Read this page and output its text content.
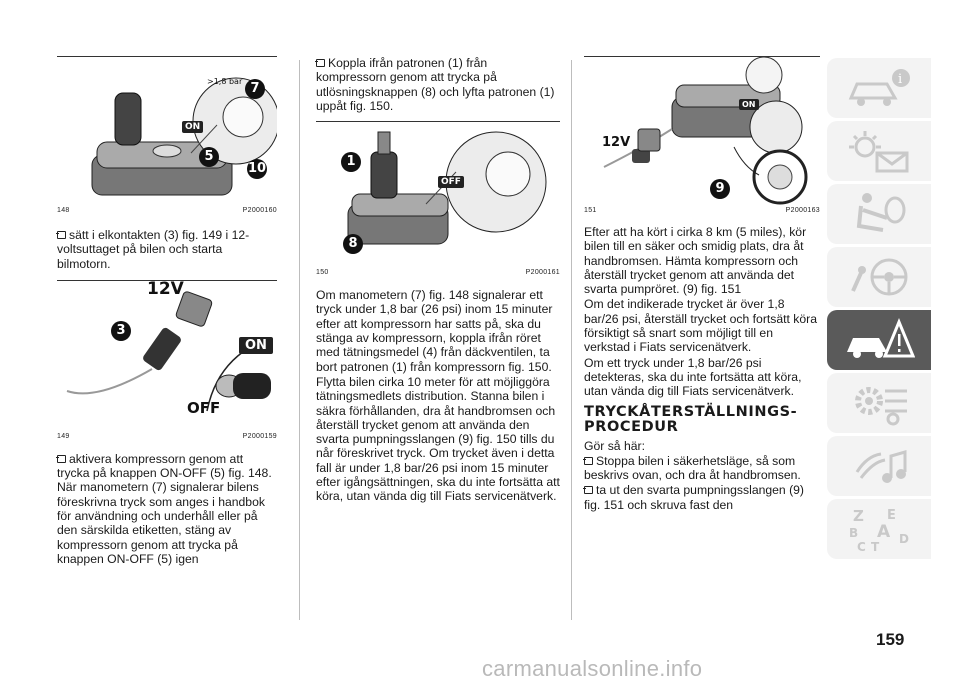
>1,8 bar
ON
7
5
10
148	P2000160

sätt i elkontakten (3) fig. 149 i 12-voltsuttaget på bilen och starta bilmotorn.

12V
ON
OFF
3
149	P2000159

aktivera kompressorn genom att trycka på knappen ON-OFF (5) fig. 148. När manometern (7) signalerar bilens föreskrivna tryck som anges i handbok för användning och underhåll eller på den särskilda etiketten, stäng av kompressorn genom att trycka på knappen ON-OFF (5) igen

Koppla ifrån patronen (1) från kompressorn genom att trycka på utlösningsknappen (8) och lyfta patronen (1) uppåt fig. 150.

OFF
1
8
150	P2000161

Om manometern (7) fig. 148 signalerar ett tryck under 1,8 bar (26 psi) inom 15 minuter efter att kompressorn har satts på, ska du stänga av kompressorn, koppla ifrån röret med tätningsmedel (4) från däckventilen, ta bort patronen (1) från kompressorn fig. 150.

Flytta bilen cirka 10 meter för att möjliggöra tätningsmedlets distribution. Stanna bilen i säkra förhållanden, dra åt handbromsen och återställ trycket genom att använda den svarta pumpningsslangen (9) fig. 150 tills du når föreskrivet tryck. Om trycket även i detta fall är under 1,8 bar/26 psi inom 15 minuter efter igångsättningen, ska du inte fortsätta att köra, utan vända dig till Fiats servicenätverk.

12V
ON
9
151	P2000163

Efter att ha kört i cirka 8 km (5 miles), kör bilen till en säker och smidig plats, dra åt handbromsen. Hämta kompressorn och återställ trycket genom att använda det svarta pumpröret. (9) fig. 151

Om det indikerade trycket är över 1,8 bar/26 psi, återställ trycket och fortsätt köra försiktigt så snart som möjligt till en verkstad i Fiats servicenätverk.

Om ett tryck under 1,8 bar/26 psi detekteras, ska du inte fortsätta att köra, utan vända dig till Fiats servicenätverk.

TRYCKÅTERSTÄLLNINGS-PROCEDUR

Gör så här:

Stoppa bilen i säkerhetsläge, så som beskrivs ovan, och dra åt handbromsen.

ta ut den svarta pumpningsslangen (9) fig. 151 och skruva fast den

i
Z E
B A
C T
D
159
carmanualsonline.info
